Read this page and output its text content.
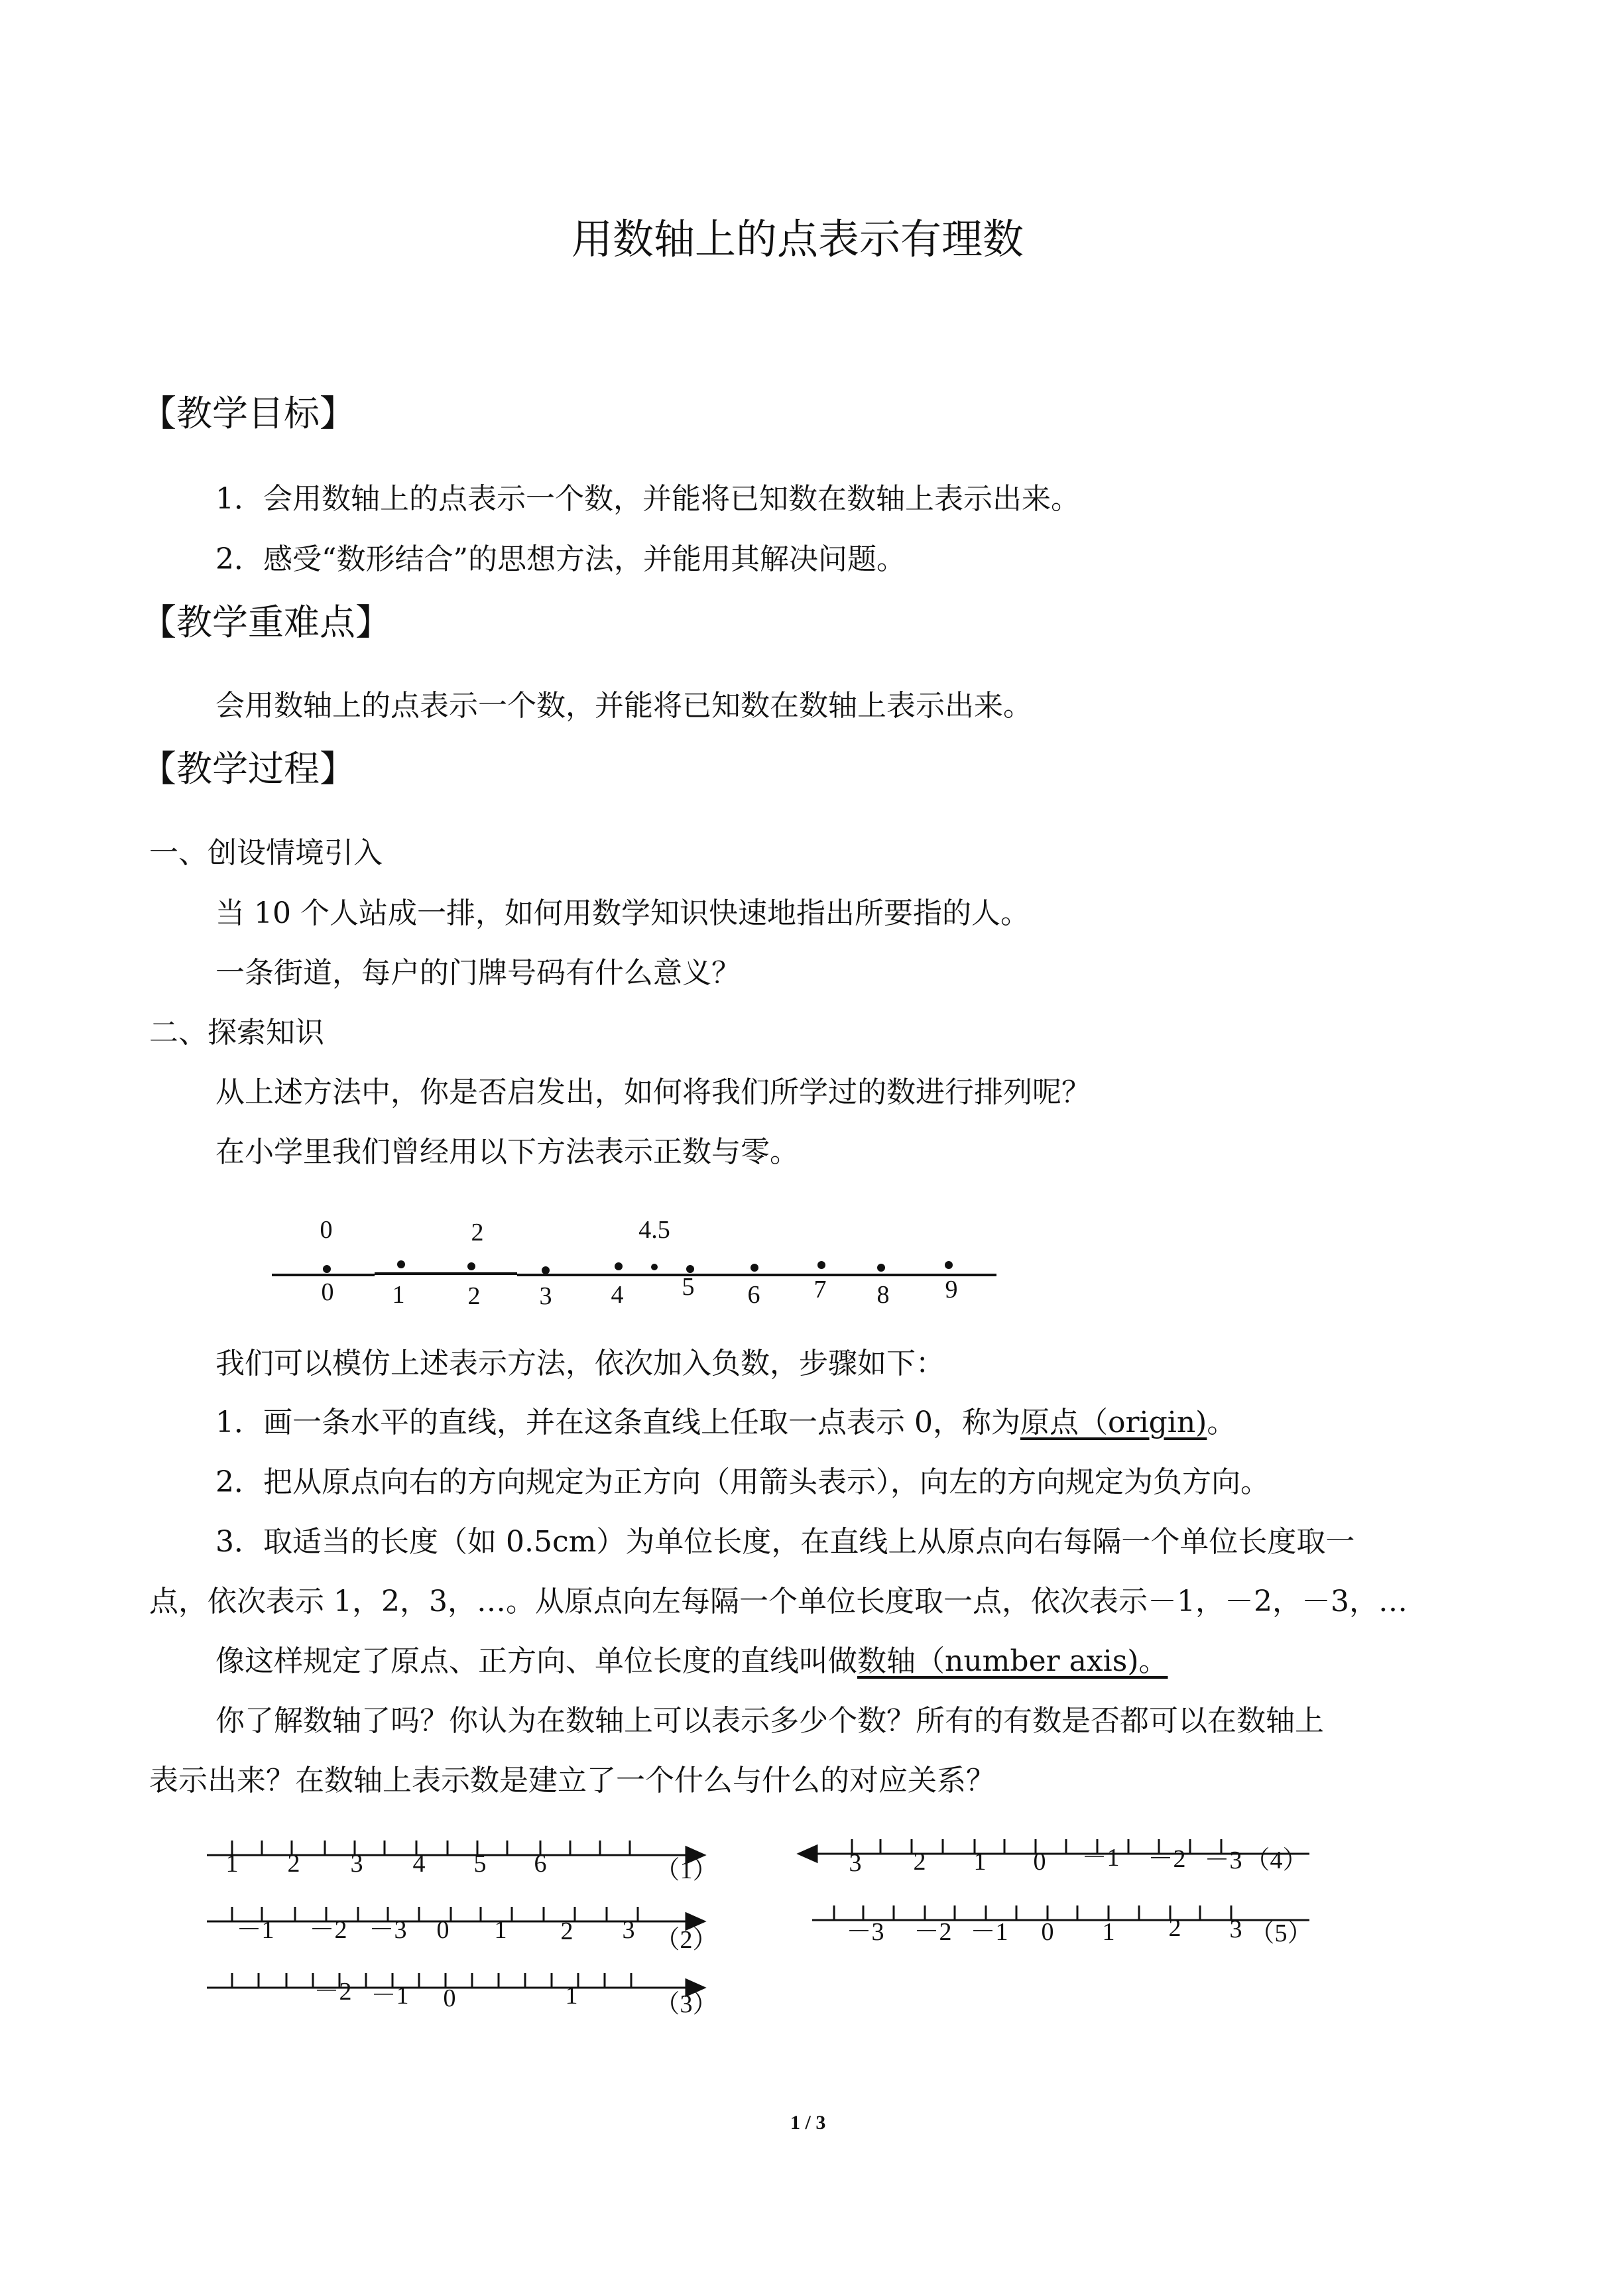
用数轴上的点表示有理数
【教学目标】
1．会用数轴上的点表示一个数，并能将已知数在数轴上表示出来。
2．感受“数形结合”的思想方法，并能用其解决问题。
【教学重难点】
会用数轴上的点表示一个数，并能将已知数在数轴上表示出来。
【教学过程】
一、创设情境引入
当 10 个人站成一排，如何用数学知识快速地指出所要指的人。
一条街道，每户的门牌号码有什么意义？
二、探索知识
从上述方法中，你是否启发出，如何将我们所学过的数进行排列呢？
在小学里我们曾经用以下方法表示正数与零。
0	2	4.5
0 1	2 3 4 5 6 7 8 9
我们可以模仿上述表示方法，依次加入负数，步骤如下：
1．画一条水平的直线，并在这条直线上任取一点表示 0，称为原点（origin)。
2．把从原点向右的方向规定为正方向（用箭头表示），向左的方向规定为负方向。
3．取适当的长度（如 0.5cm）为单位长度，在直线上从原点向右每隔一个单位长度取一
点，依次表示 1，2，3，…。从原点向左每隔一个单位长度取一点，依次表示－1，－2，－3，…
像这样规定了原点、正方向、单位长度的直线叫做数轴（number axis)。
你了解数轴了吗？你认为在数轴上可以表示多少个数？所有的有数是否都可以在数轴上
表示出来？在数轴上表示数是建立了一个什么与什么的对应关系？
1 2 3 4 5 6	（1）
－1 －2 －3 0 1 2 3 （2）
－2 －1 0	1	（3）
3 2 1 0 －1 －2 －3 （4）
－3 －2 －1 0 1 2 3 （5）
1 / 3
